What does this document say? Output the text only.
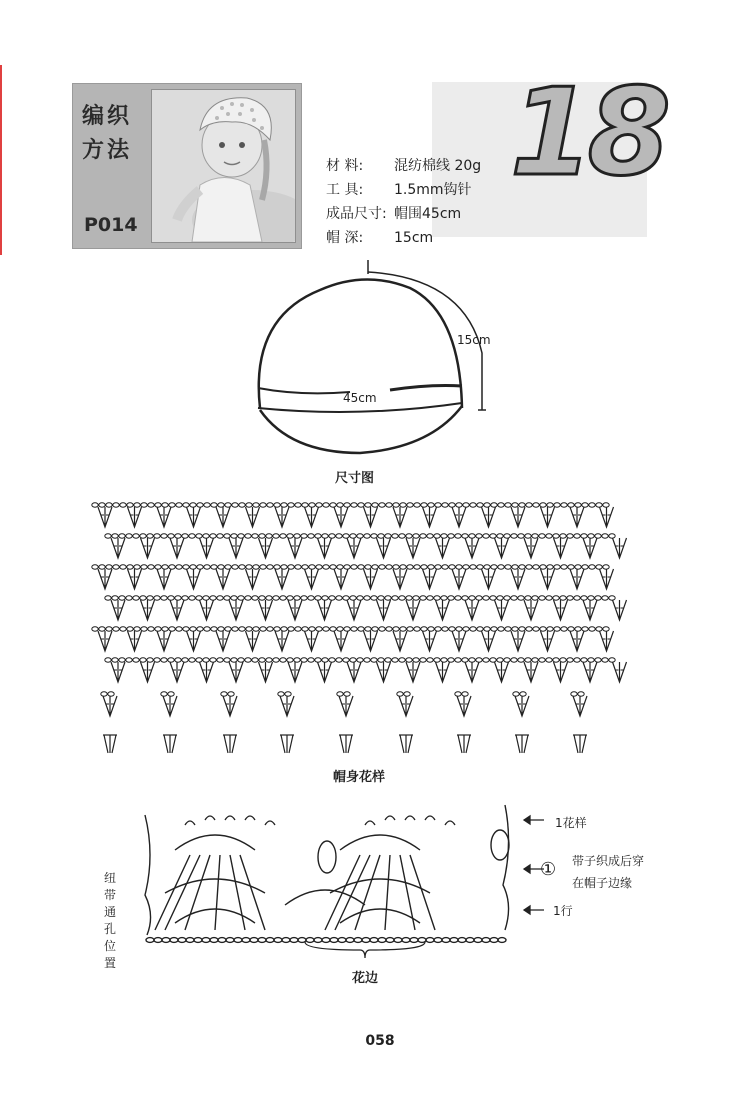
编织方法
P014
18
材 料: 混纺棉线 20g
工 具: 1.5mm钩针
成品尺寸: 帽围45cm
帽 深: 15cm
15cm
45cm
尺寸图
帽身花样
1花样
① 带子织成后穿
在帽子边缘
1行
纽带通孔位置
花边
058
